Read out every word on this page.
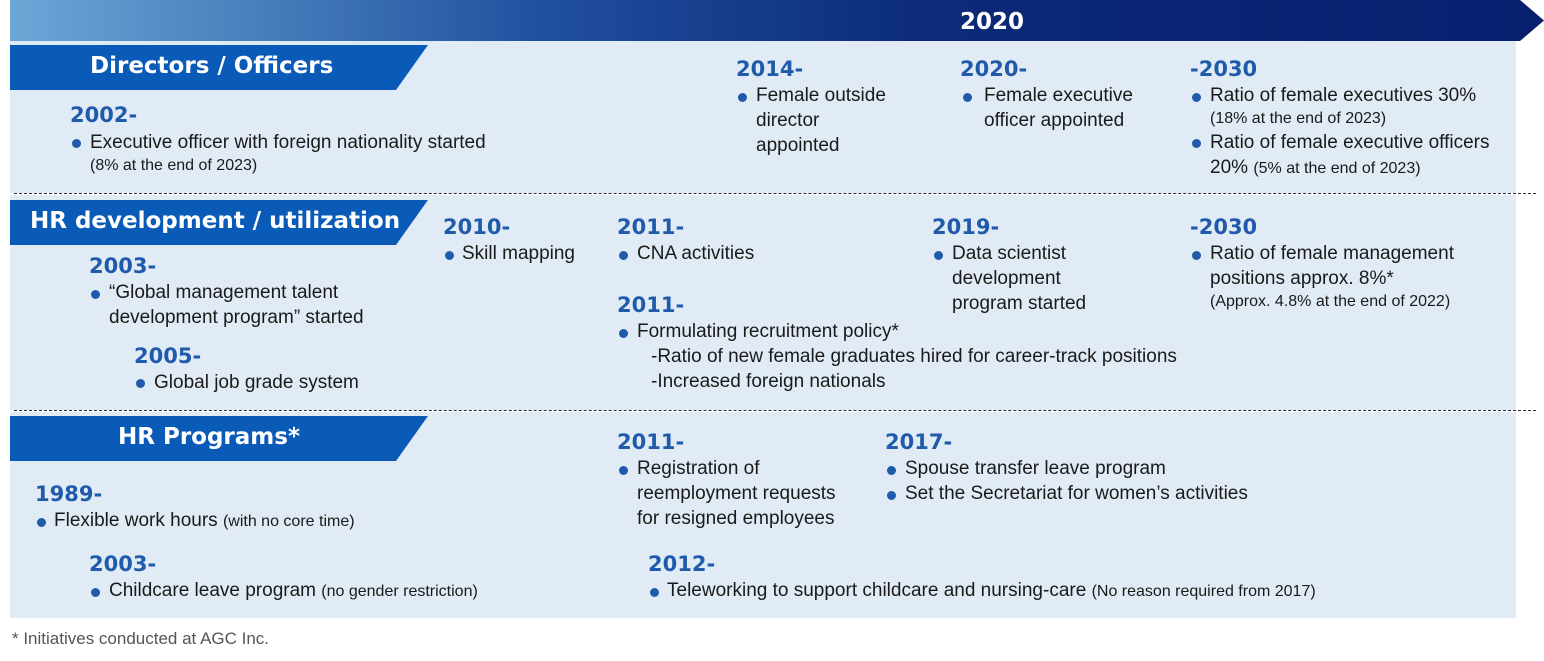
2020
Directors / Officers
HR development / utilization
HR Programs*
2002-
Executive officer with foreign nationality started
(8% at the end of 2023)
2014-
Female outside
director
appointed
2020-
Female executive
officer appointed
-2030
Ratio of female executives 30%
(18% at the end of 2023)
Ratio of female executive officers
20% (5% at the end of 2023)
2003-
“Global management talent
development program” started
2005-
Global job grade system
2010-
Skill mapping
2011-
CNA activities
2011-
Formulating recruitment policy*
-Ratio of new female graduates hired for career-track positions
-Increased foreign nationals
2019-
Data scientist
development
program started
-2030
Ratio of female management
positions approx. 8%*
(Approx. 4.8% at the end of 2022)
1989-
Flexible work hours (with no core time)
2003-
Childcare leave program (no gender restriction)
2011-
Registration of
reemployment requests
for resigned employees
2012-
Teleworking to support childcare and nursing-care (No reason required from 2017)
2017-
Spouse transfer leave program
Set the Secretariat for women’s activities
* Initiatives conducted at AGC Inc.
